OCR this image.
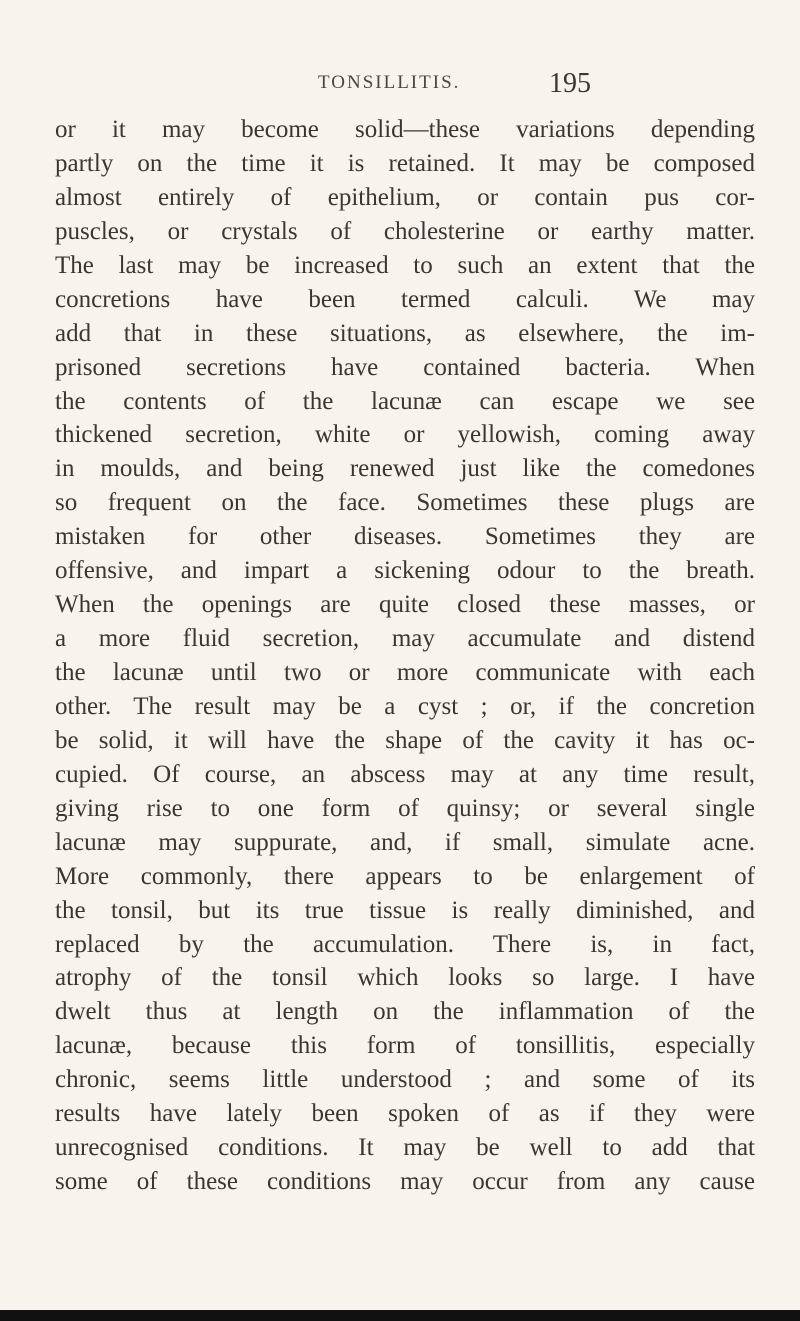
TONSILLITIS.	195
or it may become solid—these variations depending
partly on the time it is retained. It may be composed
almost entirely of epithelium, or contain pus cor-
puscles, or crystals of cholesterine or earthy matter.
The last may be increased to such an extent that the
concretions have been termed calculi. We may
add that in these situations, as elsewhere, the im-
prisoned secretions have contained bacteria. When
the contents of the lacunæ can escape we see
thickened secretion, white or yellowish, coming away
in moulds, and being renewed just like the comedones
so frequent on the face. Sometimes these plugs are
mistaken for other diseases. Sometimes they are
offensive, and impart a sickening odour to the breath.
When the openings are quite closed these masses, or
a more fluid secretion, may accumulate and distend
the lacunæ until two or more communicate with each
other. The result may be a cyst ; or, if the concretion
be solid, it will have the shape of the cavity it has oc-
cupied. Of course, an abscess may at any time result,
giving rise to one form of quinsy; or several single
lacunæ may suppurate, and, if small, simulate acne.
More commonly, there appears to be enlargement of
the tonsil, but its true tissue is really diminished, and
replaced by the accumulation. There is, in fact,
atrophy of the tonsil which looks so large. I have
dwelt thus at length on the inflammation of the
lacunæ, because this form of tonsillitis, especially
chronic, seems little understood ; and some of its
results have lately been spoken of as if they were
unrecognised conditions. It may be well to add that
some of these conditions may occur from any cause
